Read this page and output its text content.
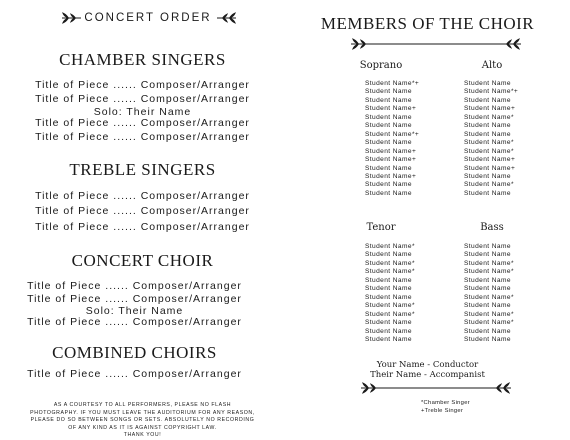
CONCERT ORDER
CHAMBER SINGERS
Title of Piece ...... Composer/Arranger
Title of Piece ...... Composer/Arranger
Solo: Their Name
Title of Piece ...... Composer/Arranger
Title of Piece ...... Composer/Arranger
TREBLE SINGERS
Title of Piece ...... Composer/Arranger
Title of Piece ...... Composer/Arranger
Title of Piece ...... Composer/Arranger
CONCERT CHOIR
Title of Piece ...... Composer/Arranger
Title of Piece ...... Composer/Arranger
Solo: Their Name
Title of Piece ...... Composer/Arranger
COMBINED CHOIRS
Title of Piece ...... Composer/Arranger
AS A COURTESY TO ALL PERFORMERS, PLEASE NO FLASH
PHOTOGRAPHY. IF YOU MUST LEAVE THE AUDITORIUM FOR ANY REASON,
PLEASE DO SO BETWEEN SONGS OR SETS. ABSOLUTELY NO RECORDING
OF ANY KIND AS IT IS AGAINST COPYRIGHT LAW.
THANK YOU!
MEMBERS OF THE CHOIR
Soprano	Alto
Student Name*+
Student Name
Student Name
Student Name+
Student Name
Student Name
Student Name*+
Student Name
Student Name+
Student Name+
Student Name
Student Name+
Student Name
Student Name
Student Name
Student Name*+
Student Name
Student Name+
Student Name*
Student Name
Student Name
Student Name*
Student Name*
Student Name+
Student Name+
Student Name
Student Name*
Student Name
Tenor	Bass
Student Name*
Student Name
Student Name*
Student Name*
Student Name
Student Name
Student Name
Student Name*
Student Name*
Student Name
Student Name
Student Name
Student Name
Student Name
Student Name*
Student Name*
Student Name
Student Name
Student Name*
Student Name
Student Name*
Student Name*
Student Name
Student Name
Your Name - Conductor
Their Name - Accompanist
*Chamber Singer
+Treble Singer
